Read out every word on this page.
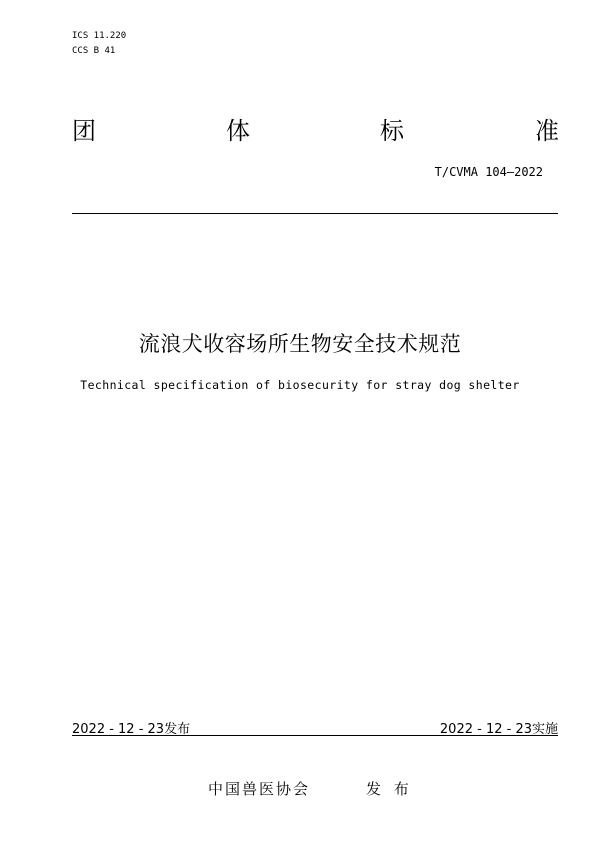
ICS 11.220
CCS B 41
团	体	标	准
T/CVMA 104—2022
流浪犬收容场所生物安全技术规范
Technical specification of biosecurity for stray dog shelter
2022 - 12 - 23发布	2022 - 12 - 23实施
中国兽医协会	发 布
